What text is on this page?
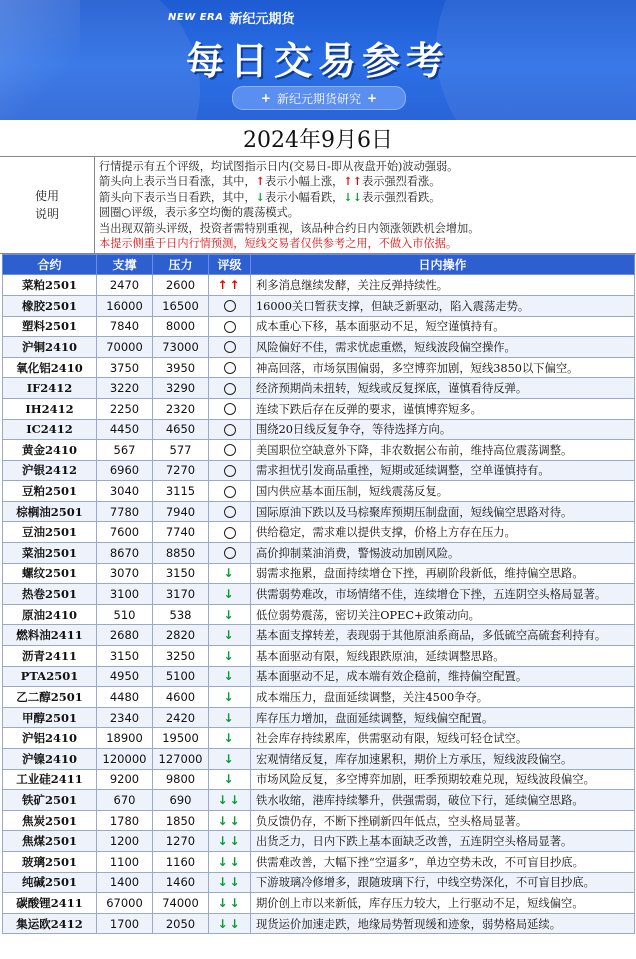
NEW ERA 新纪元期货
每日交易参考
+ 新纪元期货研究 +
2024年9月6日
使用
说明
行情提示有五个评级，均试图指示日内(交易日-即从夜盘开始)波动强弱。
箭头向上表示当日看涨，其中，↑表示小幅上涨，↑↑表示强烈看涨。
箭头向下表示当日看跌，其中，↓表示小幅看跌，↓↓表示强烈看跌。
圆圈○评级，表示多空均衡的震荡模式。
当出现双箭头评级，投资者需特别重视，该品种合约日内领涨领跌机会增加。
本提示侧重于日内行情预测，短线交易者仅供参考之用，不做入市依据。
合约	支撑	压力	评级	日内操作
菜粕2501	2470	2600	↑↑	利多消息继续发酵，关注反弹持续性。
橡胶2501	16000	16500		16000关口暂获支撑，但缺乏新驱动，陷入震荡走势。
塑料2501	7840	8000		成本重心下移，基本面驱动不足，短空谨慎持有。
沪铜2410	70000	73000		风险偏好不佳，需求忧虑重燃，短线波段偏空操作。
氧化铝2410	3750	3950		神高回落，市场氛围偏弱，多空博弈加剧，短线3850以下偏空。
IF2412	3220	3290		经济预期尚未扭转，短线或反复探底，谨慎看待反弹。
IH2412	2250	2320		连续下跌后存在反弹的要求，谨慎博弈短多。
IC2412	4450	4650		围绕20日线反复争夺，等待选择方向。
黄金2410	567	577		美国职位空缺意外下降，非农数据公布前，维持高位震荡调整。
沪银2412	6960	7270		需求担忧引发商品重挫，短期或延续调整，空单谨慎持有。
豆粕2501	3040	3115		国内供应基本面压制，短线震荡反复。
棕榈油2501	7780	7940		国际原油下跌以及马棕聚库预期压制盘面，短线偏空思路对待。
豆油2501	7600	7740		供给稳定，需求难以提供支撑，价格上方存在压力。
菜油2501	8670	8850		高价抑制菜油消费，警惕波动加剧风险。
螺纹2501	3070	3150	↓	弱需求拖累，盘面持续增仓下挫，再刷阶段新低，维持偏空思路。
热卷2501	3100	3170	↓	供需弱势难改，市场情绪不佳，连续增仓下挫，五连阴空头格局显著。
原油2410	510	538	↓	低位弱势震荡，密切关注OPEC+政策动向。
燃料油2411	2680	2820	↓	基本面支撑转差，表现弱于其他原油系商品，多低硫空高硫套利持有。
沥青2411	3150	3250	↓	基本面驱动有限，短线跟跌原油，延续调整思路。
PTA2501	4950	5100	↓	基本面驱动不足，成本端有效企稳前，维持偏空配置。
乙二醇2501	4480	4600	↓	成本端压力，盘面延续调整，关注4500争夺。
甲醇2501	2340	2420	↓	库存压力增加，盘面延续调整，短线偏空配置。
沪铝2410	18900	19500	↓	社会库存持续累库，供需驱动有限，短线可轻仓试空。
沪镍2410	120000	127000	↓	宏观情绪反复，库存加速累积，期价上方承压，短线波段偏空。
工业硅2411	9200	9800	↓	市场风险反复，多空博弈加剧，旺季预期较难兑现，短线波段偏空。
铁矿2501	670	690	↓↓	铁水收缩，港库持续攀升，供强需弱，破位下行，延续偏空思路。
焦炭2501	1780	1850	↓↓	负反馈仍存，不断下挫刷新四年低点，空头格局显著。
焦煤2501	1200	1270	↓↓	出货乏力，日内下跌上基本面缺乏改善，五连阴空头格局显著。
玻璃2501	1100	1160	↓↓	供需难改善，大幅下挫“空逼多”，单边空势未改，不可盲目抄底。
纯碱2501	1400	1460	↓↓	下游玻璃冷修增多，跟随玻璃下行，中线空势深化，不可盲目抄底。
碳酸锂2411	67000	74000	↓↓	期价创上市以来新低，库存压力较大，上行驱动不足，短线偏空。
集运欧2412	1700	2050	↓↓	现货运价加速走跌，地缘局势暂现缓和迹象，弱势格局延续。
